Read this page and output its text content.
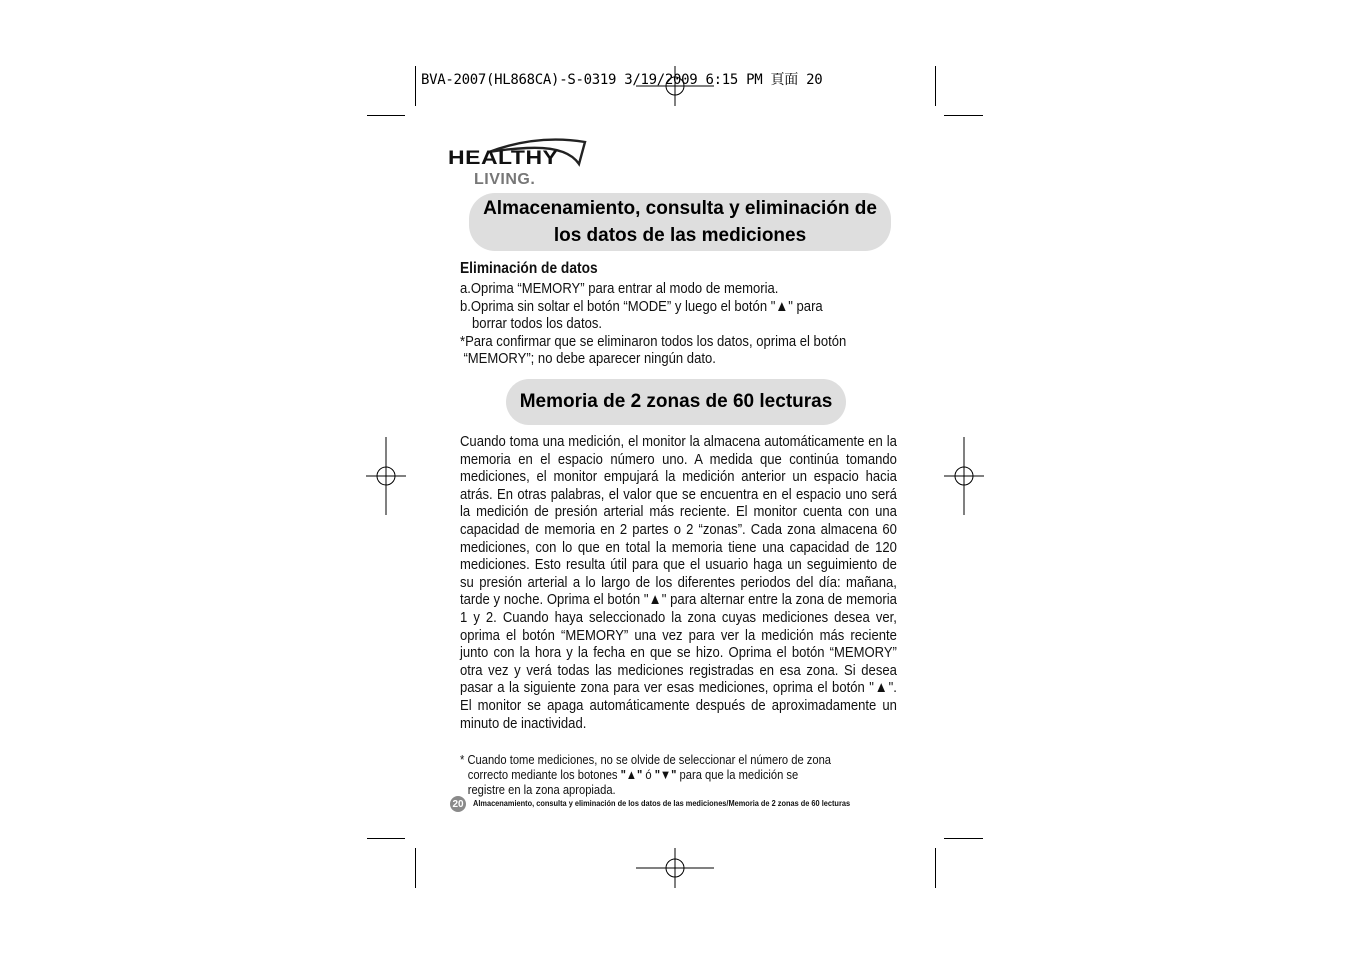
BVA-2007(HL868CA)-S-0319 3/19/2009 6:15 PM 頁面 20
HEALTHY
LIVING.
Almacenamiento, consulta y eliminación de
los datos de las mediciones
Eliminación de datos
a.Oprima “MEMORY” para entrar al modo de memoria.
b.Oprima sin soltar el botón “MODE” y luego el botón "▲" para
borrar todos los datos.
*Para confirmar que se eliminaron todos los datos, oprima el botón
“MEMORY”; no debe aparecer ningún dato.
Memoria de 2 zonas de 60 lecturas
Cuando toma una medición, el monitor la almacena automáticamente en la memoria en el espacio número uno. A medida que continúa tomando mediciones, el monitor empujará la medición anterior un espacio hacia atrás. En otras palabras, el valor que se encuentra en el espacio uno será la medición de presión arterial más reciente. El monitor cuenta con una capacidad de memoria en 2 partes o 2 “zonas”. Cada zona almacena 60 mediciones, con lo que en total la memoria tiene una capacidad de 120 mediciones. Esto resulta útil para que el usuario haga un seguimiento de su presión arterial a lo largo de los diferentes periodos del día: mañana, tarde y noche. Oprima el botón "▲" para alternar entre la zona de memoria 1 y 2. Cuando haya seleccionado la zona cuyas mediciones desea ver, oprima el botón “MEMORY” una vez para ver la medición más reciente junto con la hora y la fecha en que se hizo. Oprima el botón “MEMORY” otra vez y verá todas las mediciones registradas en esa zona. Si desea pasar a la siguiente zona para ver esas mediciones, oprima el botón "▲". El monitor se apaga automáticamente después de aproximadamente un minuto de inactividad.
* Cuando tome mediciones, no se olvide de seleccionar el número de zona
correcto mediante los botones "▲" ó "▼" para que la medición se
registre en la zona apropiada.
20 Almacenamiento, consulta y eliminación de los datos de las mediciones/Memoria de 2 zonas de 60 lecturas
